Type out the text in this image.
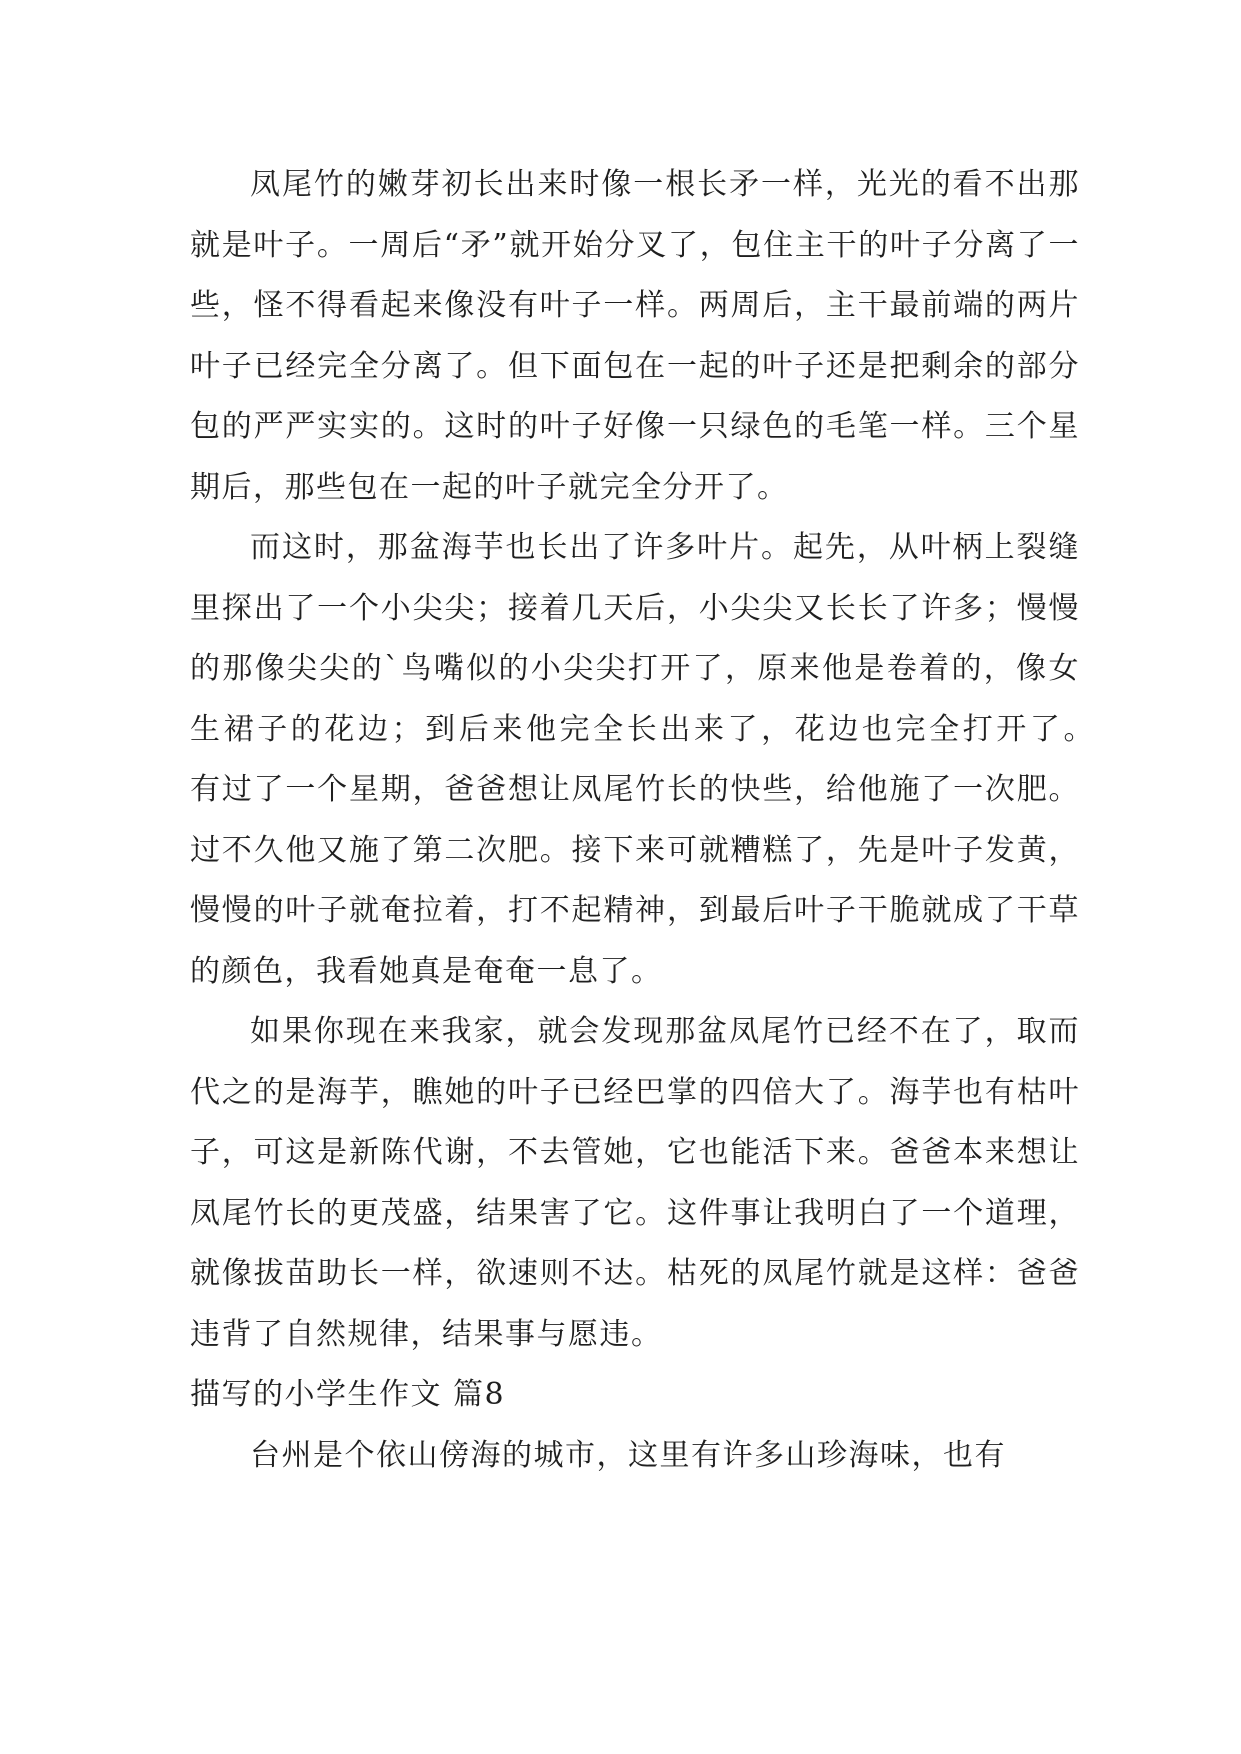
凤尾竹的嫩芽初长出来时像一根长矛一样，光光的看不出那就是叶子。一周后“矛”就开始分叉了，包住主干的叶子分离了一些，怪不得看起来像没有叶子一样。两周后，主干最前端的两片叶子已经完全分离了。但下面包在一起的叶子还是把剩余的部分包的严严实实的。这时的叶子好像一只绿色的毛笔一样。三个星期后，那些包在一起的叶子就完全分开了。

而这时，那盆海芋也长出了许多叶片。起先，从叶柄上裂缝里探出了一个小尖尖；接着几天后，小尖尖又长长了许多；慢慢的那像尖尖的`鸟嘴似的小尖尖打开了，原来他是卷着的，像女生裙子的花边；到后来他完全长出来了，花边也完全打开了。　有过了一个星期，爸爸想让凤尾竹长的快些，给他施了一次肥。过不久他又施了第二次肥。接下来可就糟糕了，先是叶子发黄，慢慢的叶子就奄拉着，打不起精神，到最后叶子干脆就成了干草的颜色，我看她真是奄奄一息了。

如果你现在来我家，就会发现那盆凤尾竹已经不在了，取而代之的是海芋，瞧她的叶子已经巴掌的四倍大了。海芋也有枯叶子，可这是新陈代谢，不去管她，它也能活下来。爸爸本来想让凤尾竹长的更茂盛，结果害了它。这件事让我明白了一个道理，就像拔苗助长一样，欲速则不达。枯死的凤尾竹就是这样：爸爸违背了自然规律，结果事与愿违。

描写的小学生作文 篇8

台州是个依山傍海的城市，这里有许多山珍海味，也有
